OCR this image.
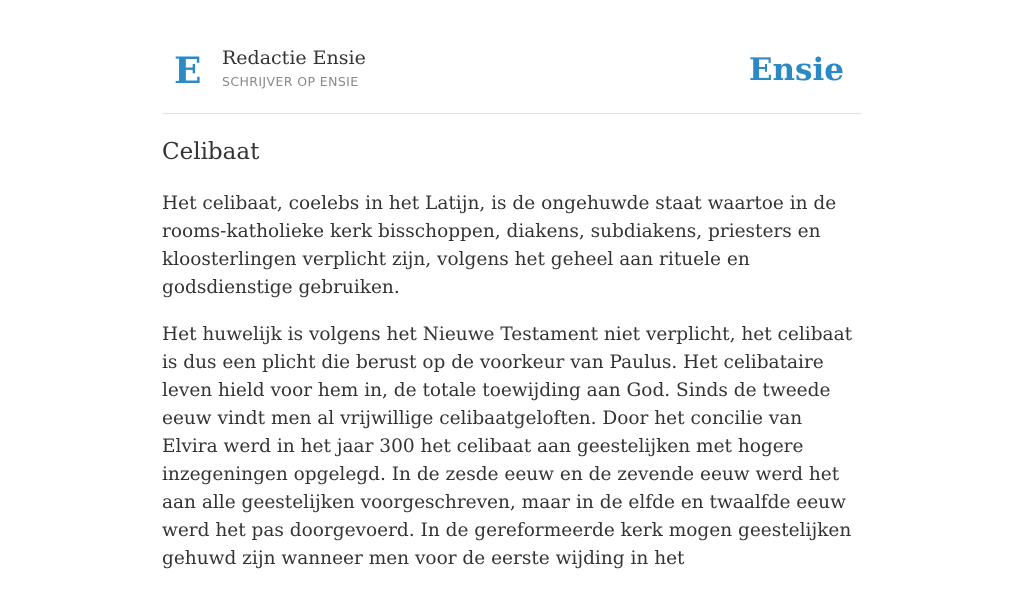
E Redactie Ensie
SCHRIJVER OP ENSIE	Ensie
Celibaat

Het celibaat, coelebs in het Latijn, is de ongehuwde staat waartoe in de rooms-katholieke kerk bisschoppen, diakens, subdiakens, priesters en kloosterlingen verplicht zijn, volgens het geheel aan rituele en godsdienstige gebruiken.

Het huwelijk is volgens het Nieuwe Testament niet verplicht, het celibaat is dus een plicht die berust op de voorkeur van Paulus. Het celibataire leven hield voor hem in, de totale toewijding aan God. Sinds de tweede eeuw vindt men al vrijwillige celibaatgeloften. Door het concilie van Elvira werd in het jaar 300 het celibaat aan geestelijken met hogere inzegeningen opgelegd. In de zesde eeuw en de zevende eeuw werd het aan alle geestelijken voorgeschreven, maar in de elfde en twaalfde eeuw werd het pas doorgevoerd. In de gereformeerde kerk mogen geestelijken gehuwd zijn wanneer men voor de eerste wijding in het
